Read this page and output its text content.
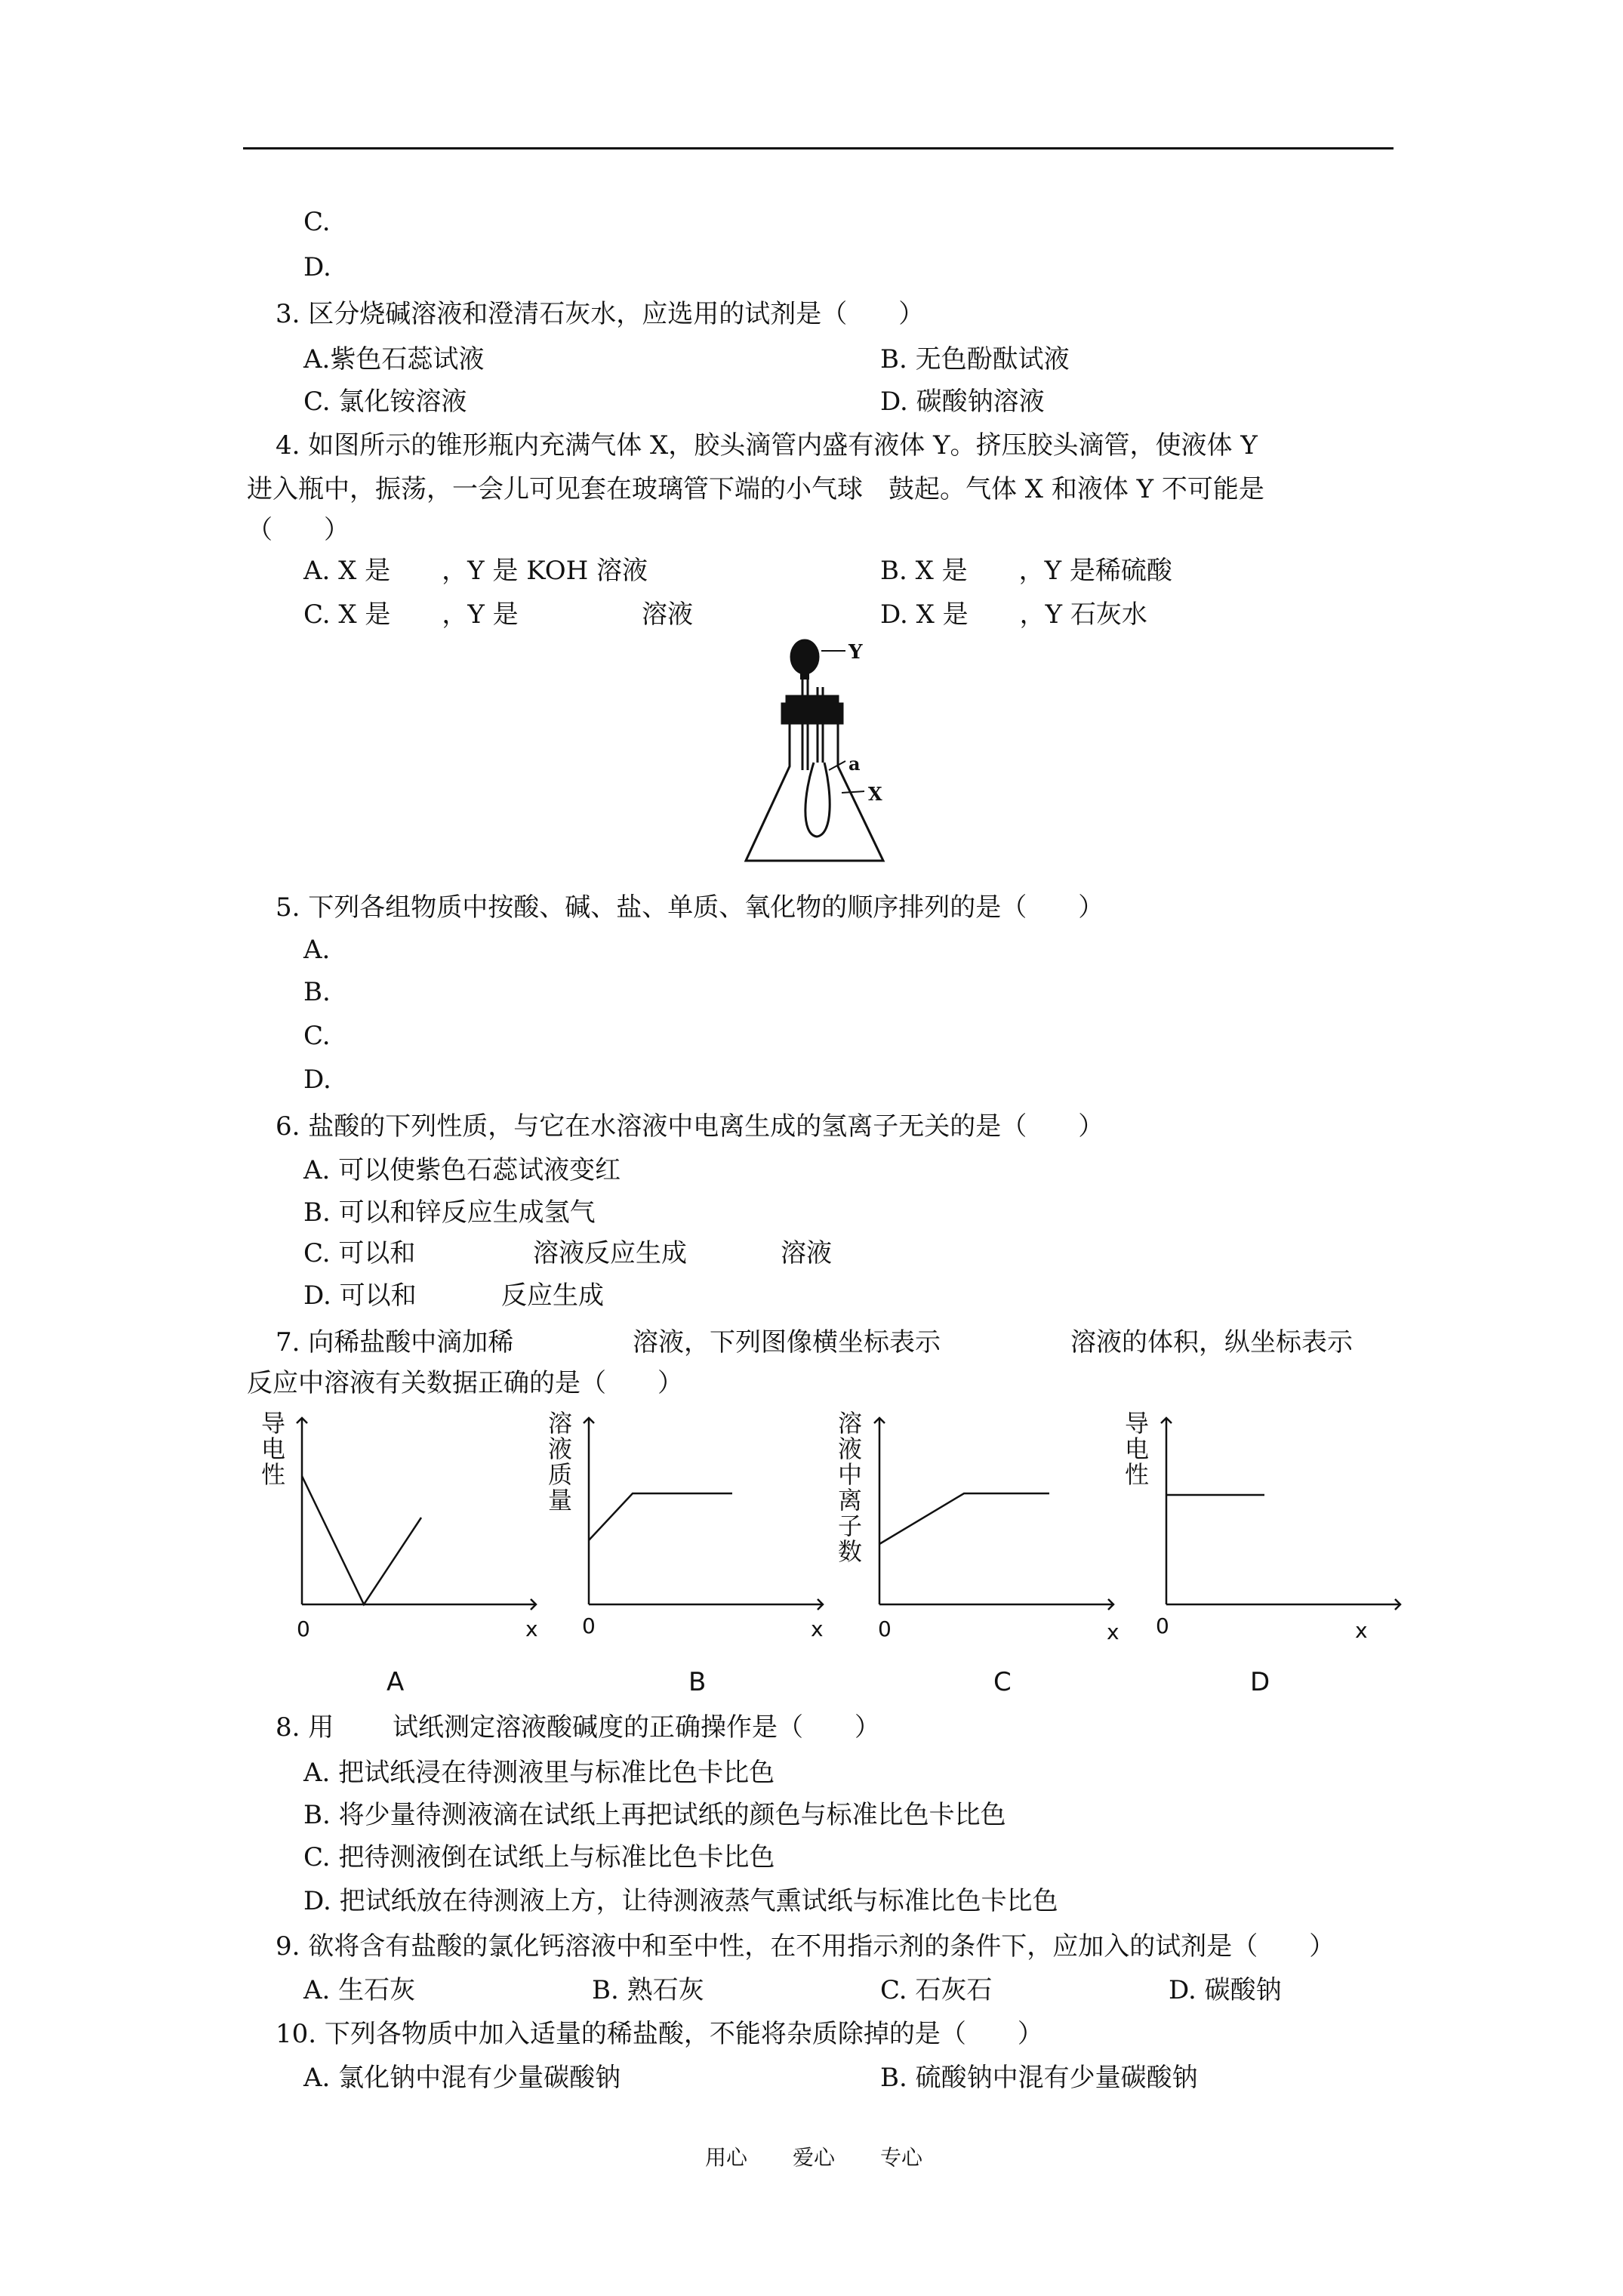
C.
D.
3. 区分烧碱溶液和澄清石灰水，应选用的试剂是（　　）
A.紫色石蕊试液	B. 无色酚酞试液
C. 氯化铵溶液	D. 碳酸钠溶液
4. 如图所示的锥形瓶内充满气体 X，胶头滴管内盛有液体 Y。挤压胶头滴管，使液体 Y
进入瓶中，振荡，一会儿可见套在玻璃管下端的小气球　鼓起。气体 X 和液体 Y 不可能是
（　　）
A. X 是　　，Y 是 KOH 溶液	B. X 是　　，Y 是稀硫酸
C. X 是　　，Y 是	溶液	D. X 是　　，Y 石灰水
Y
a
X
5. 下列各组物质中按酸、碱、盐、单质、氧化物的顺序排列的是（　　）
A.
B.
C.
D.
6. 盐酸的下列性质，与它在水溶液中电离生成的氢离子无关的是（　　）
A. 可以使紫色石蕊试液变红
B. 可以和锌反应生成氢气
C. 可以和	溶液反应生成	溶液
D. 可以和	反应生成
7. 向稀盐酸中滴加稀	溶液，下列图像横坐标表示	溶液的体积，纵坐标表示
反应中溶液有关数据正确的是（　　）
导电性
溶液质量
溶液中离子数
导电性
0	0	0	0
x	x	x	x
A	B	C	D
8. 用 试纸测定溶液酸碱度的正确操作是（　　）
A. 把试纸浸在待测液里与标准比色卡比色
B. 将少量待测液滴在试纸上再把试纸的颜色与标准比色卡比色
C. 把待测液倒在试纸上与标准比色卡比色
D. 把试纸放在待测液上方，让待测液蒸气熏试纸与标准比色卡比色
9. 欲将含有盐酸的氯化钙溶液中和至中性，在不用指示剂的条件下，应加入的试剂是（　　）
A. 生石灰	B. 熟石灰	C. 石灰石	D. 碳酸钠
10. 下列各物质中加入适量的稀盐酸，不能将杂质除掉的是（　　）
A. 氯化钠中混有少量碳酸钠	B. 硫酸钠中混有少量碳酸钠
用心 爱心 专心
